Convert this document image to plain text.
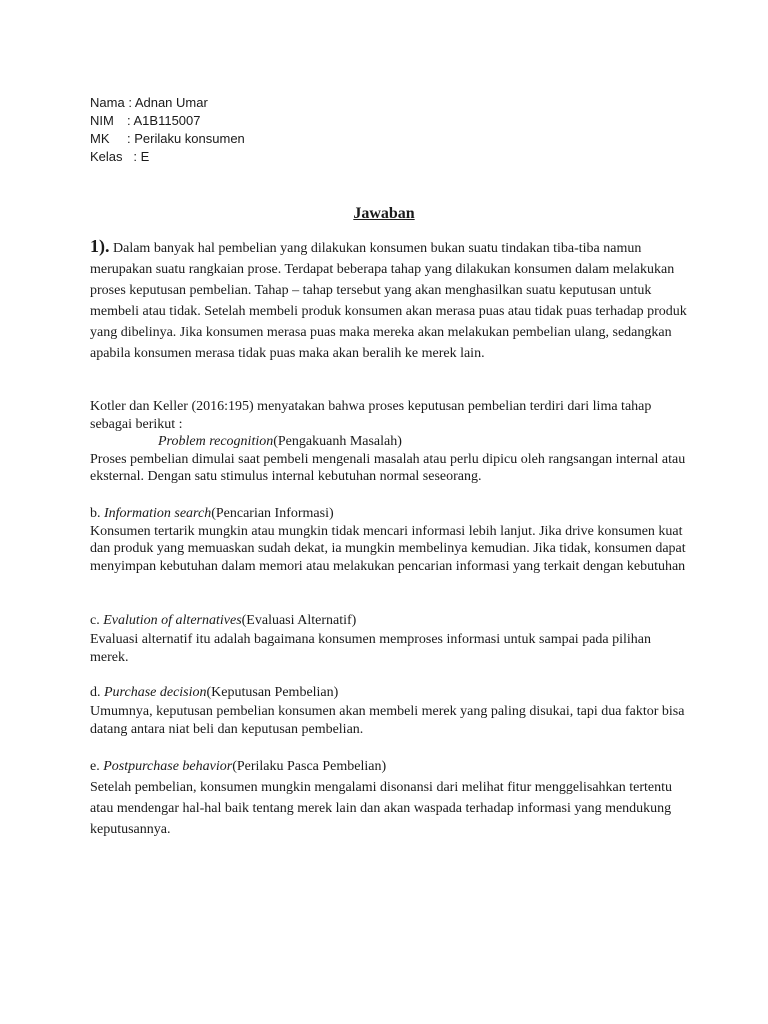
Nama
: Adnan Umar
NIM	: A1B115007
MK	: Perilaku konsumen
Kelas
: E
Jawaban

1). Dalam banyak hal pembelian yang dilakukan konsumen bukan suatu tindakan tiba-tiba namun merupakan suatu rangkaian prose. Terdapat beberapa tahap yang dilakukan konsumen dalam melakukan proses keputusan pembelian. Tahap – tahap tersebut yang akan menghasilkan suatu keputusan untuk membeli atau tidak. Setelah membeli produk konsumen akan merasa puas atau tidak puas terhadap produk yang dibelinya. Jika konsumen merasa puas maka mereka akan melakukan pembelian ulang, sedangkan apabila konsumen merasa tidak puas maka akan beralih ke merek lain.

Kotler dan Keller (2016:195) menyatakan bahwa proses keputusan pembelian terdiri dari lima tahap sebagai berikut :

Problem recognition(Pengakuanh Masalah)

Proses pembelian dimulai saat pembeli mengenali masalah atau perlu dipicu oleh rangsangan internal atau eksternal. Dengan satu stimulus internal kebutuhan normal seseorang.

b. Information search(Pencarian Informasi)

Konsumen tertarik mungkin atau mungkin tidak mencari informasi lebih lanjut. Jika drive konsumen kuat dan produk yang memuaskan sudah dekat, ia mungkin membelinya kemudian. Jika tidak, konsumen dapat menyimpan kebutuhan dalam memori atau melakukan pencarian informasi yang terkait dengan kebutuhan

c. Evalution of alternatives(Evaluasi Alternatif)

Evaluasi alternatif itu adalah bagaimana konsumen memproses informasi untuk sampai pada pilihan merek.

d. Purchase decision(Keputusan Pembelian)

Umumnya, keputusan pembelian konsumen akan membeli merek yang paling disukai, tapi dua faktor bisa datang antara niat beli dan keputusan pembelian.

e. Postpurchase behavior(Perilaku Pasca Pembelian)

Setelah pembelian, konsumen mungkin mengalami disonansi dari melihat fitur menggelisahkan tertentu atau mendengar hal-hal baik tentang merek lain dan akan waspada terhadap informasi yang mendukung keputusannya.
